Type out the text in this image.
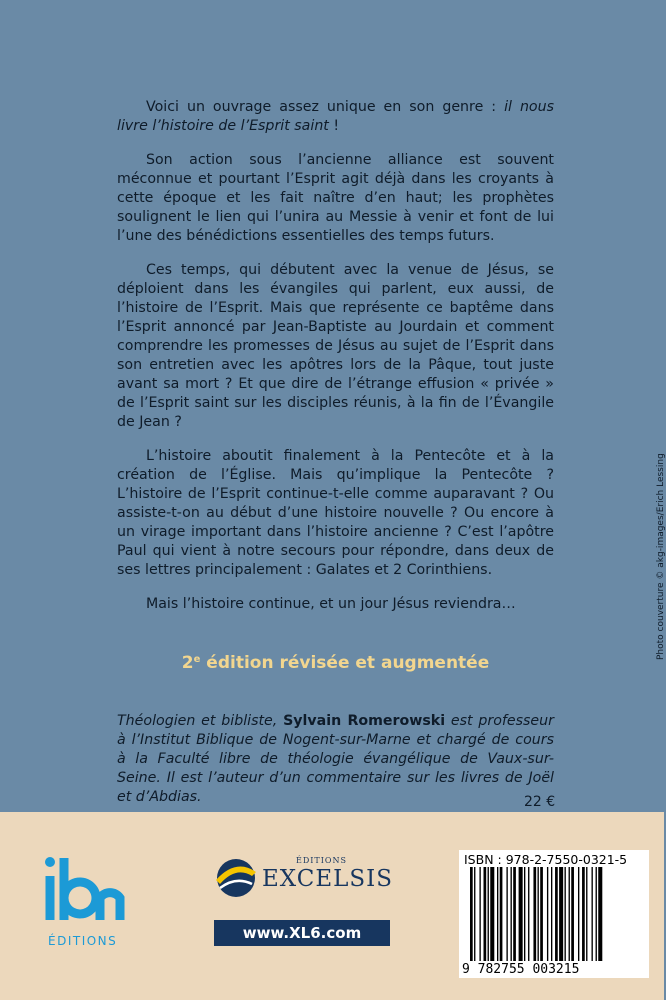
Voici un ouvrage assez unique en son genre : il nous livre l’histoire de l’Esprit saint !

Son action sous l’ancienne alliance est souvent méconnue et pourtant l’Esprit agit déjà dans les croyants à cette époque et les fait naître d’en haut; les prophètes soulignent le lien qui l’unira au Messie à venir et font de lui l’une des bénédictions essentielles des temps futurs.

Ces temps, qui débutent avec la venue de Jésus, se déploient dans les évangiles qui parlent, eux aussi, de l’histoire de l’Esprit. Mais que représente ce baptême dans l’Esprit annoncé par Jean-Baptiste au Jourdain et comment comprendre les promesses de Jésus au sujet de l’Esprit dans son entretien avec les apôtres lors de la Pâque, tout juste avant sa mort ? Et que dire de l’étrange effusion « privée » de l’Esprit saint sur les disciples réunis, à la fin de l’Évangile de Jean ?

L’histoire aboutit finalement à la Pentecôte et à la création de l’Église. Mais qu’implique la Pentecôte ? L’histoire de l’Esprit continue-t-elle comme auparavant ? Ou assiste-t-on au début d’une histoire nouvelle ? Ou encore à un virage important dans l’histoire ancienne ? C’est l’apôtre Paul qui vient à notre secours pour répondre, dans deux de ses lettres principalement : Galates et 2 Corinthiens.

Mais l’histoire continue, et un jour Jésus reviendra…

2e édition révisée et augmentée
Théologien et bibliste, Sylvain Romerowski est professeur à l’Institut Biblique de Nogent-sur-Marne et chargé de cours à la Faculté libre de théologie évangélique de Vaux-sur-Seine. Il est l’auteur d’un commentaire sur les livres de Joël et d’Abdias.	22 €
Photo couverture © akg-images/Erich Lessing
ÉDITIONS
ÉDITIONS
EXCELSIS
www.XL6.com
ISBN : 978-2-7550-0321-5
9 782755 003215
